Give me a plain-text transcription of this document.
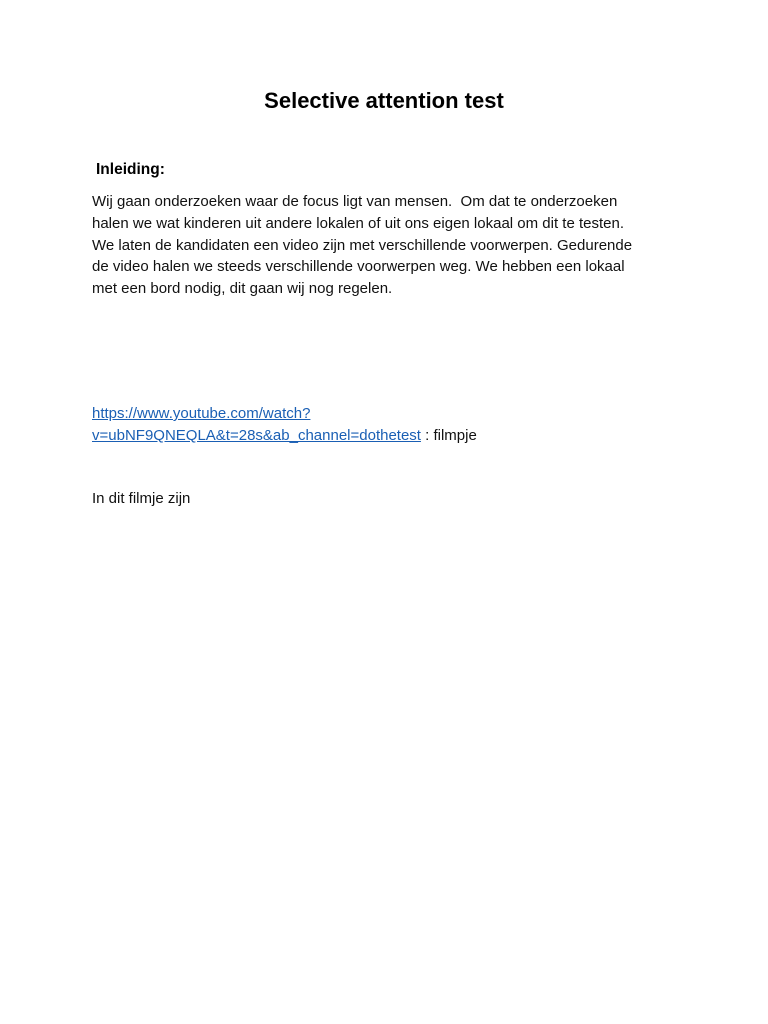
Selective attention test
Inleiding:
Wij gaan onderzoeken waar de focus ligt van mensen.  Om dat te onderzoeken
halen we wat kinderen uit andere lokalen of uit ons eigen lokaal om dit te testen.
We laten de kandidaten een video zijn met verschillende voorwerpen. Gedurende
de video halen we steeds verschillende voorwerpen weg. We hebben een lokaal
met een bord nodig, dit gaan wij nog regelen.
https://www.youtube.com/watch?
v=ubNF9QNEQLA&t=28s&ab_channel=dothetest : filmpje
In dit filmje zijn
